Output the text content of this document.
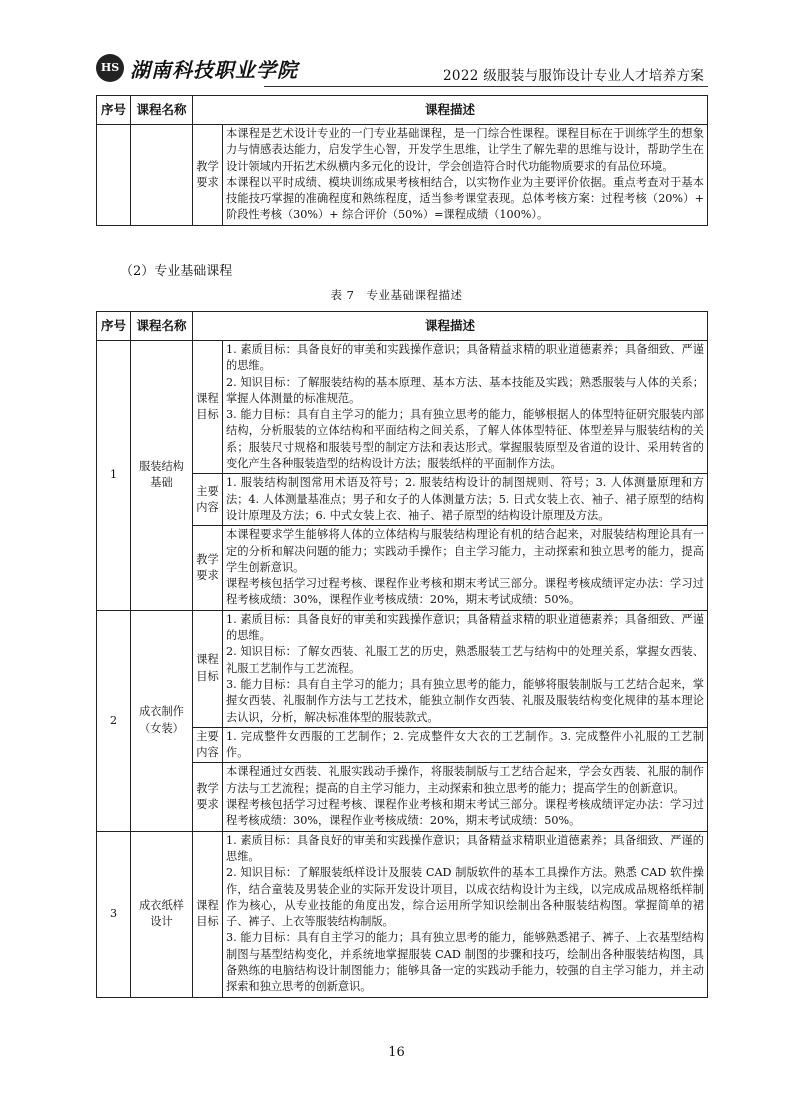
HS 湖南科技职业学院	2022 级服装与服饰设计专业人才培养方案
序号	课程名称	课程描述	
		教学要求	本课程是艺术设计专业的一门专业基础课程，是一门综合性课程。课程目标在于训练学生的想象力与情感表达能力，启发学生心智，开发学生思维，让学生了解先辈的思维与设计，帮助学生在设计领域内开拓艺术纵横内多元化的设计，学会创造符合时代功能物质要求的有品位环境。
本课程以平时成绩、模块训练成果考核相结合，以实物作业为主要评价依据。重点考查对于基本技能技巧掌握的准确程度和熟练程度，适当参考课堂表现。总体考核方案：过程考核（20%）+ 阶段性考核（30%）+ 综合评价（50%）=课程成绩（100%）。
（2）专业基础课程
表 7　专业基础课程描述
序号	课程名称	课程描述	
1	服装结构基础	课程目标	1. 素质目标：具备良好的审美和实践操作意识；具备精益求精的职业道德素养；具备细致、严谨的思维。
2. 知识目标：了解服装结构的基本原理、基本方法、基本技能及实践；熟悉服装与人体的关系；掌握人体测量的标准规范。
3. 能力目标：具有自主学习的能力；具有独立思考的能力，能够根据人的体型特征研究服装内部结构，分析服装的立体结构和平面结构之间关系，了解人体体型特征、体型差异与服装结构的关系；服装尺寸规格和服装号型的制定方法和表达形式。掌握服装原型及省道的设计、采用转省的变化产生各种服装造型的结构设计方法；服装纸样的平面制作方法。

		主要内容	1. 服装结构制图常用术语及符号；2. 服装结构设计的制图规则、符号；3. 人体测量原理和方法；4. 人体测量基准点；男子和女子的人体测量方法；5. 日式女装上衣、袖子、裙子原型的结构设计原理及方法；6. 中式女装上衣、袖子、裙子原型的结构设计原理及方法。

		教学要求	本课程要求学生能够将人体的立体结构与服装结构理论有机的结合起来，对服装结构理论具有一定的分析和解决问题的能力；实践动手操作；自主学习能力，主动探索和独立思考的能力，提高学生创新意识。
课程考核包括学习过程考核、课程作业考核和期末考试三部分。课程考核成绩评定办法：学习过程考核成绩：30%，课程作业考核成绩：20%，期末考试成绩：50%。

2	成衣制作（女装）	课程目标	1. 素质目标：具备良好的审美和实践操作意识；具备精益求精的职业道德素养；具备细致、严谨的思维。
2. 知识目标：了解女西装、礼服工艺的历史，熟悉服装工艺与结构中的处理关系，掌握女西装、礼服工艺制作与工艺流程。
3. 能力目标：具有自主学习的能力；具有独立思考的能力，能够将服装制版与工艺结合起来，掌握女西装、礼服制作方法与工艺技术，能独立制作女西装、礼服及服装结构变化规律的基本理论去认识，分析，解决标准体型的服装款式。

		主要内容	1. 完成整件女西服的工艺制作；2. 完成整件女大衣的工艺制作。3. 完成整件小礼服的工艺制作。

		教学要求	本课程通过女西装、礼服实践动手操作，将服装制版与工艺结合起来，学会女西装、礼服的制作方法与工艺流程；提高的自主学习能力，主动探索和独立思考的能力；提高学生的创新意识。
课程考核包括学习过程考核、课程作业考核和期末考试三部分。课程考核成绩评定办法：学习过程考核成绩：30%，课程作业考核成绩：20%，期末考试成绩：50%。

3	成衣纸样设计	课程目标	1. 素质目标：具备良好的审美和实践操作意识；具备精益求精职业道德素养；具备细致、严谨的思维。
2. 知识目标：了解服装纸样设计及服装 CAD 制版软件的基本工具操作方法。熟悉 CAD 软件操作，结合童装及男装企业的实际开发设计项目，以成衣结构设计为主线，以完成成品规格纸样制作为核心，从专业技能的角度出发，综合运用所学知识绘制出各种服装结构图。掌握简单的裙子、裤子、上衣等服装结构制版。
3. 能力目标：具有自主学习的能力；具有独立思考的能力，能够熟悉裙子、裤子、上衣基型结构制图与基型结构变化，并系统地掌握服装 CAD 制图的步骤和技巧，绘制出各种服装结构图，具备熟练的电脑结构设计制图能力；能够具备一定的实践动手能力，较强的自主学习能力，并主动探索和独立思考的创新意识。
16
